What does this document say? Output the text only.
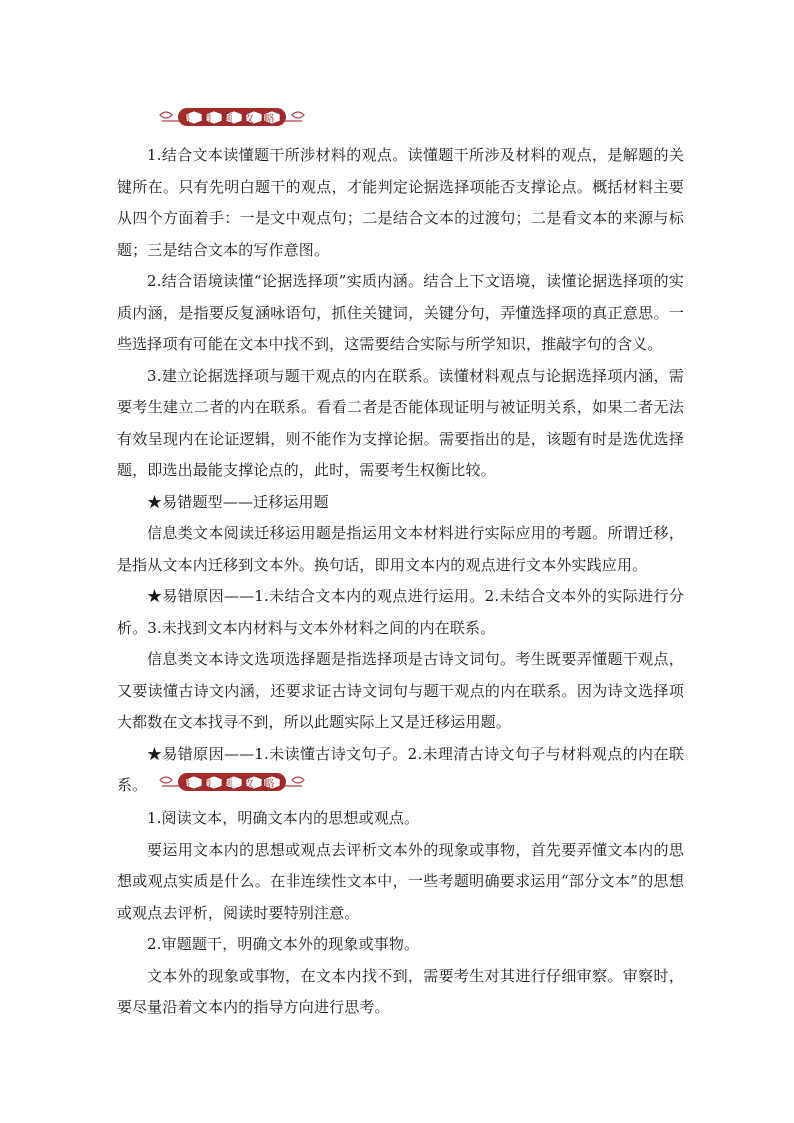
易错题攻略

1.结合文本读懂题干所涉材料的观点。读懂题干所涉及材料的观点，是解题的关键所在。只有先明白题干的观点，才能判定论据选择项能否支撑论点。概括材料主要从四个方面着手：一是文中观点句；二是结合文本的过渡句；二是看文本的来源与标题；三是结合文本的写作意图。

2.结合语境读懂“论据选择项”实质内涵。结合上下文语境，读懂论据选择项的实质内涵，是指要反复涵咏语句，抓住关键词，关键分句，弄懂选择项的真正意思。一些选择项有可能在文本中找不到，这需要结合实际与所学知识，推敲字句的含义。

3.建立论据选择项与题干观点的内在联系。读懂材料观点与论据选择项内涵，需要考生建立二者的内在联系。看看二者是否能体现证明与被证明关系，如果二者无法有效呈现内在论证逻辑，则不能作为支撑论据。需要指出的是，该题有时是选优选择题，即选出最能支撑论点的，此时，需要考生权衡比较。

★易错题型——迁移运用题

信息类文本阅读迁移运用题是指运用文本材料进行实际应用的考题。所谓迁移，是指从文本内迁移到文本外。换句话，即用文本内的观点进行文本外实践应用。

★易错原因——1.未结合文本内的观点进行运用。2.未结合文本外的实际进行分析。3.未找到文本内材料与文本外材料之间的内在联系。

信息类文本诗文选项选择题是指选择项是古诗文词句。考生既要弄懂题干观点，又要读懂古诗文内涵，还要求证古诗文词句与题干观点的内在联系。因为诗文选择项大都数在文本找寻不到，所以此题实际上又是迁移运用题。

★易错原因——1.未读懂古诗文句子。2.未理清古诗文句子与材料观点的内在联系。	易错题攻略

1.阅读文本，明确文本内的思想或观点。

要运用文本内的思想或观点去评析文本外的现象或事物，首先要弄懂文本内的思想或观点实质是什么。在非连续性文本中，一些考题明确要求运用“部分文本”的思想或观点去评析，阅读时要特别注意。

2.审题题干，明确文本外的现象或事物。

文本外的现象或事物，在文本内找不到，需要考生对其进行仔细审察。审察时，要尽量沿着文本内的指导方向进行思考。
